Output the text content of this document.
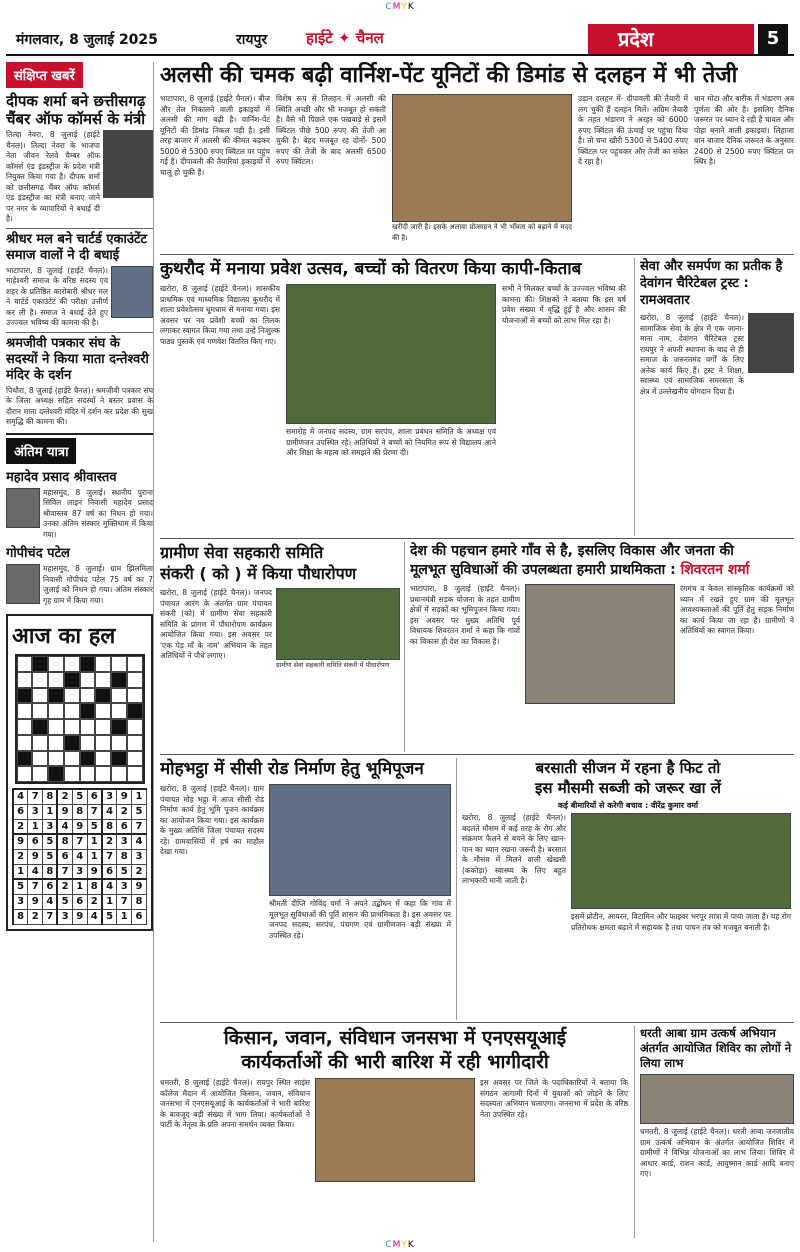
CMYK
मंगलवार, 8 जुलाई 2025	रायपुर	हाईटे ✦ चैनल	प्रदेश	5
संक्षिप्त खबरें
दीपक शर्मा बने छत्तीसगढ़ चैंबर ऑफ कॉमर्स के मंत्री
तिल्दा नेवरा, 8 जुलाई (हाईटे चैनल)। तिल्दा नेवरा के भाजपा नेता जीवन रेलवे चैम्बर ऑफ कॉमर्स एंड इंडस्ट्रीज के प्रदेश मंत्री नियुक्त किया गया है। दीपक शर्मा को छत्तीसगढ़ चैंबर ऑफ कॉमर्स एंड इंडस्ट्रीज का मंत्री बनाए जाने पर नगर के व्यापारियों ने बधाई दी है।
श्रीधर मल बने चार्टर्ड एकाउंटेंट समाज वालों ने दी बधाई
भाटापारा, 8 जुलाई (हाईटे चैनल)। माहेश्वरी समाज के वरिष्ठ सदस्य एवं शहर के प्रतिष्ठित कारोबारी श्रीधर मल ने चार्टर्ड एकाउंटेंट की परीक्षा उत्तीर्ण कर ली है। समाज ने बधाई देते हुए उज्ज्वल भविष्य की कामना की है।
श्रमजीवी पत्रकार संघ के सदस्यों ने किया माता दन्तेश्वरी मंदिर के दर्शन
पिथौरा, 8 जुलाई (हाईटे चैनल)। श्रमजीवी पत्रकार संघ के जिला अध्यक्ष सहित सदस्यों ने बस्तर प्रवास के दौरान माता दन्तेश्वरी मंदिर में दर्शन कर प्रदेश की सुख समृद्धि की कामना की।
अंतिम यात्रा
महादेव प्रसाद श्रीवास्तव
महासमुंद, 8 जुलाई। स्थानीय पुराना सिविल लाइन निवासी महादेव प्रसाद श्रीवास्तव 87 वर्ष का निधन हो गया। उनका अंतिम संस्कार मुक्तिधाम में किया गया।
गोपीचंद पटेल
महासमुंद, 8 जुलाई। ग्राम झिलमिला निवासी गोपीचंद पटेल 75 वर्ष का 7 जुलाई को निधन हो गया। अंतिम संस्कार गृह ग्राम में किया गया।
आज का हल
4	7	8	2	5	6	3	9	1
6	3	1	9	8	7	4	2	5
2	1	3	4	9	5	8	6	7
9	6	5	8	7	1	2	3	4
2	9	5	6	4	1	7	8	3
1	4	8	7	3	9	6	5	2
5	7	6	2	1	8	4	3	9
3	9	4	5	6	2	1	7	8
8	2	7	3	9	4	5	1	6
अलसी की चमक बढ़ी वार्निश-पेंट यूनिटों की डिमांड से दलहन में भी तेजी
भाटापारा, 8 जुलाई (हाईटे चैनल)। बीज और तेल निकालने वाली इकाइयों में अलसी की मांग बढ़ी है। वार्निश-पेंट यूनिटों की डिमांड निकल पड़ी है। इसी तरह बाजार में अलसी की कीमत बढ़कर 5000 से 5300 रुपए क्विंटल पर पहुंच गई है। दीपावली की तैयारियां इकाइयों में चालू हो चुकी हैं।
विशेष रूप से तिलहन में अलसी की स्थिति अच्छी और भी मजबूत हो सकती है। वैसे भी पिछले एक पखवाड़े से इसमें क्विंटल पीछे 500 रुपए की तेजी आ चुकी है। बेहद मजबूत रह दोनों- 500 रुपए की तेजी के बाद अलसी 6500 रुपए क्विंटल।
खरीदी जारी है। इसके अलावा प्रोत्साहन ने भी भाँवता को बढ़ाने में मदद की है।
उड़ान दलहन में- दीपावली की तैयारी में लग चुकी हैं दलहन मिलें। अग्रिम तैयारी के तहत भंडारण ने अरहर को 6000 रुपए क्विंटल की ऊंचाई पर पहुंचा दिया है। तो चना खीरी 5300 से 5400 रुपए क्विंटल पर पहुंचकर और तेजी का संकेत दे रहा है।
धान मोटा और बारीक में भंडारण अब पूर्णता की ओर है। इसलिए दैनिक जरूरत पर ध्यान दे रही है चावल और पोहा बनाने वाली इकाइयां। लिहाजा धान बाजार दैनिक जरूरत के अनुसार 2400 से 2500 रुपए क्विंटल पर स्थिर है।
कुथरौद में मनाया प्रवेश उत्सव, बच्चों को वितरण किया कापी-किताब
खरोरा, 8 जुलाई (हाईटे चैनल)। शासकीय प्राथमिक एवं माध्यमिक विद्यालय कुथरौद में शाला प्रवेशोत्सव धूमधाम से मनाया गया। इस अवसर पर नव प्रवेशी बच्चों का तिलक लगाकर स्वागत किया गया तथा उन्हें निःशुल्क पाठ्य पुस्तकें एवं गणवेश वितरित किए गए।
समारोह में जनपद सदस्य, ग्राम सरपंच, शाला प्रबंधन समिति के अध्यक्ष एवं ग्रामीणजन उपस्थित रहे। अतिथियों ने बच्चों को नियमित रूप से विद्यालय आने और शिक्षा के महत्व को समझने की प्रेरणा दी।
सभी ने मिलकर बच्चों के उज्ज्वल भविष्य की कामना की। शिक्षकों ने बताया कि इस वर्ष प्रवेश संख्या में वृद्धि हुई है और शासन की योजनाओं से बच्चों को लाभ मिल रहा है।
सेवा और समर्पण का प्रतीक है देवांगन चैरिटेबल ट्रस्ट : रामअवतार
खरोरा, 8 जुलाई (हाईटे चैनल)। सामाजिक सेवा के क्षेत्र में एक जाना-माना नाम, देवांगन चैरिटेबल ट्रस्ट रायपुर ने अपनी स्थापना के बाद से ही समाज के जरूरतमंद वर्गों के लिए अनेक कार्य किए हैं। ट्रस्ट ने शिक्षा, स्वास्थ्य एवं सामाजिक समरसता के क्षेत्र में उल्लेखनीय योगदान दिया है।
ग्रामीण सेवा सहकारी समिति
संकरी ( को ) में किया पौधारोपण
खरोरा, 8 जुलाई (हाईटे चैनल)। जनपद पंचायत आरंग के अंतर्गत ग्राम पंचायत संकरी (को) में ग्रामीण सेवा सहकारी समिति के प्रांगण में पौधारोपण कार्यक्रम आयोजित किया गया। इस अवसर पर 'एक पेड़ माँ के नाम' अभियान के तहत अतिथियों ने पौधे लगाए।
ग्रामीण सेवा सहकारी समिति संकरी में पौधारोपण
देश की पहचान हमारे गाँव से है, इसलिए विकास और जनता की
मूलभूत सुविधाओं की उपलब्धता हमारी प्राथमिकता : शिवरतन शर्मा
भाटापारा, 8 जुलाई (हाईटे चैनल)। प्रधानमंत्री सड़क योजना के तहत ग्रामीण क्षेत्रों में सड़कों का भूमिपूजन किया गया। इस अवसर पर मुख्य अतिथि पूर्व विधायक शिवरतन शर्मा ने कहा कि गांवों का विकास ही देश का विकास है।
रंगमंच व केवल सांस्कृतिक कार्यक्रमों को ध्यान में रखते हुए ग्राम की मूलभूत आवश्यकताओं की पूर्ति हेतु सड़क निर्माण का कार्य किया जा रहा है। ग्रामीणों ने अतिथियों का स्वागत किया।
मोहभट्ठा में सीसी रोड निर्माण हेतु भूमिपूजन
खरोरा, 8 जुलाई (हाईटे चैनल)। ग्राम पंचायत मोह भट्ठा में आज सीसी रोड निर्माण कार्य हेतु भूमि पूजन कार्यक्रम का आयोजन किया गया। इस कार्यक्रम के मुख्य अतिथि जिला पंचायत सदस्य रहे। ग्रामवासियों में हर्ष का माहौल देखा गया।
श्रीमती दीप्ति गोविंद वर्मा ने अपने उद्बोधन में कहा कि गांव में मूलभूत सुविधाओं की पूर्ति शासन की प्राथमिकता है। इस अवसर पर जनपद सदस्य, सरपंच, पंचगण एवं ग्रामीणजन बड़ी संख्या में उपस्थित रहे।
बरसाती सीजन में रहना है फिट तो
इस मौसमी सब्जी को जरूर खा लें
कई बीमारियों से करेगी बचाव : वीरेंद्र कुमार वर्मा
खरोरा, 8 जुलाई (हाईटे चैनल)। बदलते मौसम में कई तरह के रोग और संक्रमण फैलने से बचने के लिए खान-पान का ध्यान रखना जरूरी है। बरसात के मौसम में मिलने वाली खेखसी (ककोड़ा) स्वास्थ्य के लिए बहुत लाभकारी मानी जाती है।
इसमें प्रोटीन, आयरन, विटामिन और फाइबर भरपूर मात्रा में पाया जाता है। यह रोग प्रतिरोधक क्षमता बढ़ाने में सहायक है तथा पाचन तंत्र को मजबूत बनाती है।
किसान, जवान, संविधान जनसभा में एनएसयूआई
कार्यकर्ताओं की भारी बारिश में रही भागीदारी
धमतरी, 8 जुलाई (हाईटे चैनल)। रायपुर स्थित साइंस कॉलेज मैदान में आयोजित किसान, जवान, संविधान जनसभा में एनएसयूआई के कार्यकर्ताओं ने भारी बारिश के बावजूद बड़ी संख्या में भाग लिया। कार्यकर्ताओं ने पार्टी के नेतृत्व के प्रति अपना समर्थन व्यक्त किया।
इस अवसर पर जिले के पदाधिकारियों ने बताया कि संगठन आगामी दिनों में युवाओं को जोड़ने के लिए सदस्यता अभियान चलाएगा। जनसभा में प्रदेश के वरिष्ठ नेता उपस्थित रहे।
धरती आबा ग्राम उत्कर्ष अभियान अंतर्गत आयोजित शिविर का लोगों ने लिया लाभ
धमतरी, 8 जुलाई (हाईटे चैनल)। धरती आबा जनजातीय ग्राम उत्कर्ष अभियान के अंतर्गत आयोजित शिविर में ग्रामीणों ने विभिन्न योजनाओं का लाभ लिया। शिविर में आधार कार्ड, राशन कार्ड, आयुष्मान कार्ड आदि बनाए गए।
CMYK
